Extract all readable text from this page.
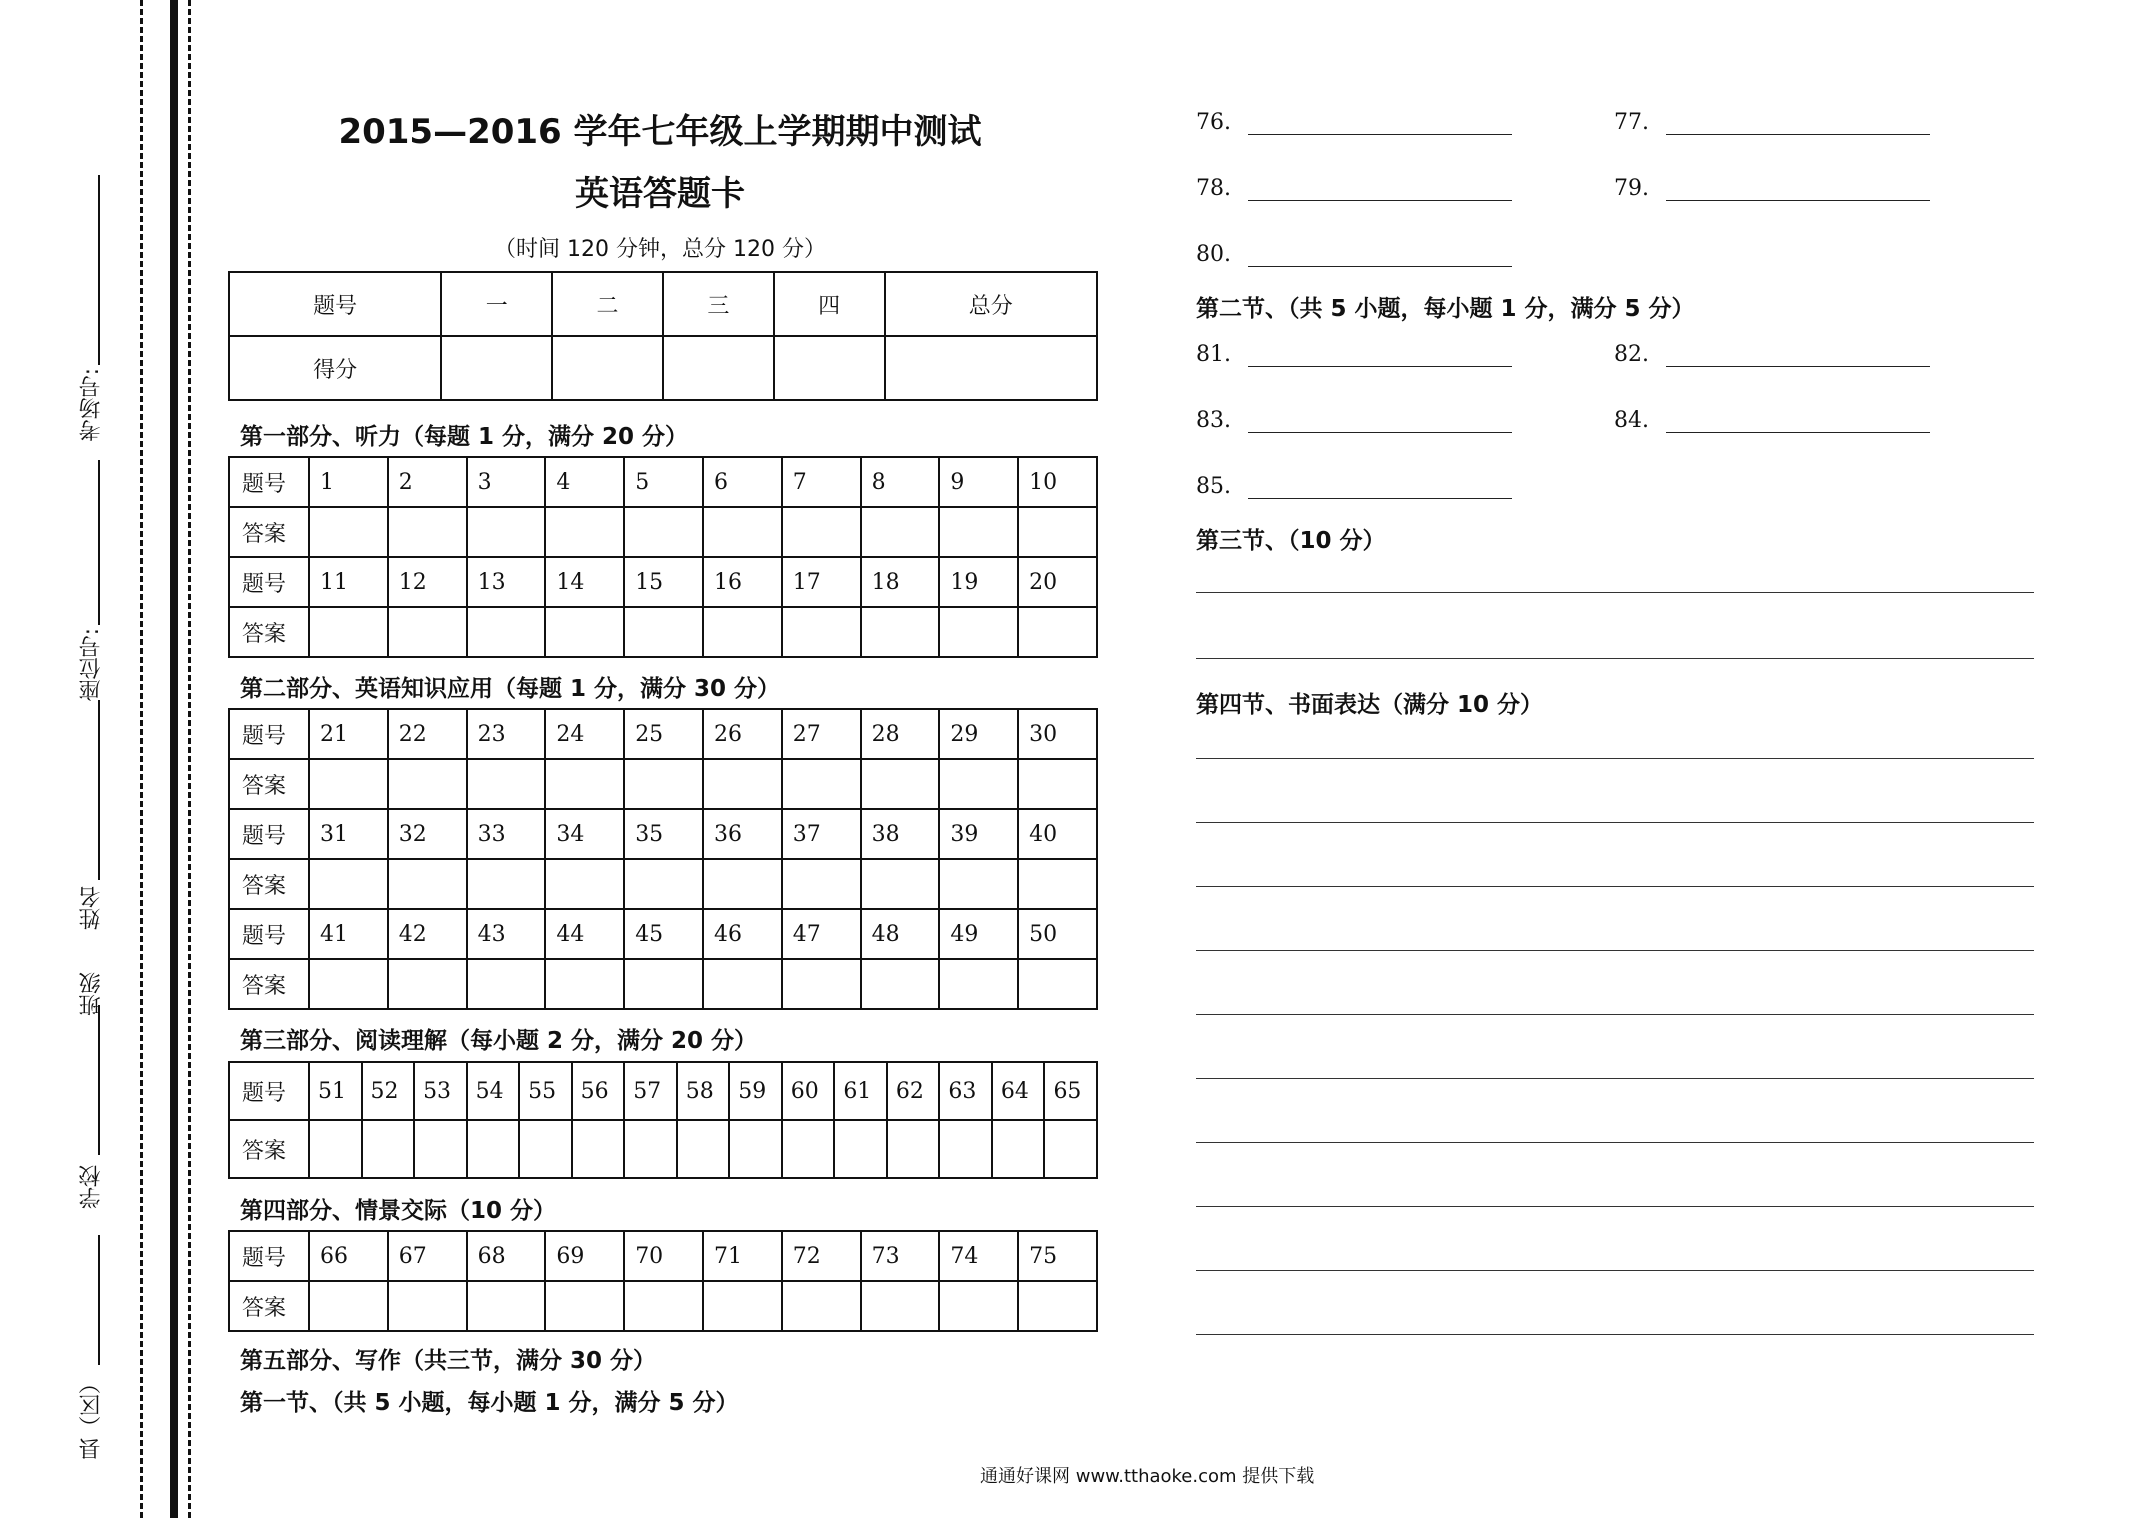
考场号:
座位号:
姓名
班级
学校
县（区）
2015—2016 学年七年级上学期期中测试
英语答题卡
（时间 120 分钟，总分 120 分）
题号	一	二	三	四	总分
得分					
第一部分、听力（每题 1 分，满分 20 分）
题号	1	2	3	4	5	6	7	8	9	10
答案										
题号	11	12	13	14	15	16	17	18	19	20
答案										
第二部分、英语知识应用（每题 1 分，满分 30 分）
题号	21	22	23	24	25	26	27	28	29	30
答案										
题号	31	32	33	34	35	36	37	38	39	40
答案										
题号	41	42	43	44	45	46	47	48	49	50
答案										
第三部分、阅读理解（每小题 2 分，满分 20 分）
题号	51	52	53	54	55	56	57	58	59	60	61	62	63	64	65
答案															
第四部分、情景交际（10 分）
题号	66	67	68	69	70	71	72	73	74	75
答案										
第五部分、写作（共三节，满分 30 分）
第一节、（共 5 小题，每小题 1 分，满分 5 分）
76.	77.
78.	79.
80.
第二节、（共 5 小题，每小题 1 分，满分 5 分）
81.	82.
83.	84.
85.
第三节、（10 分）
第四节、书面表达（满分 10 分）
通通好课网 www.tthaoke.com 提供下载
